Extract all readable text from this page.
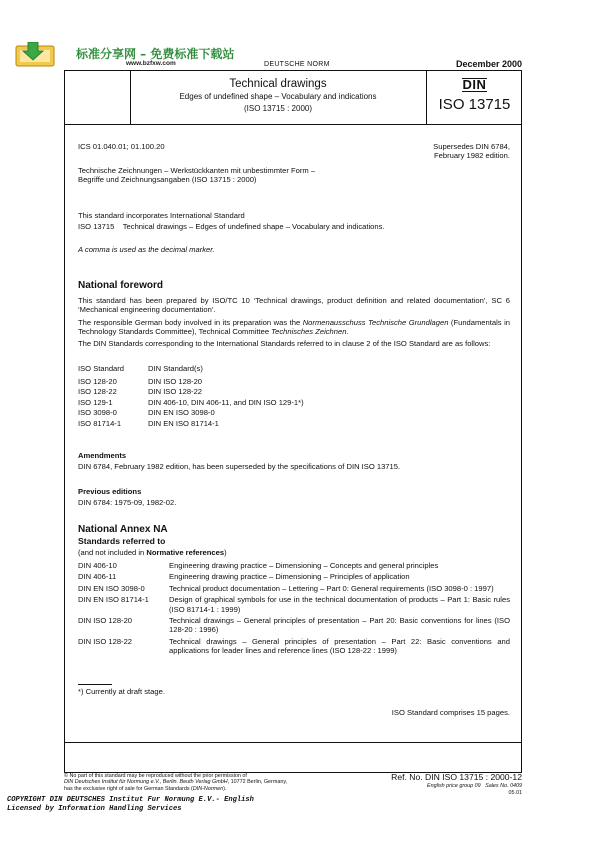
标准分享网 – 免费标准下载站
www.bzfxw.com	DEUTSCHE NORM	December 2000
Technical drawings
Edges of undefined shape – Vocabulary and indications
(ISO 13715 : 2000)
DIN
ISO 13715
ICS 01.040.01; 01.100.20	Supersedes DIN 6784,
February 1982 edition.
Technische Zeichnungen – Werkstückkanten mit unbestimmter Form –
Begriffe und Zeichnungsangaben (ISO 13715 : 2000)
This standard incorporates International Standard
ISO 13715 Technical drawings – Edges of undefined shape – Vocabulary and indications.
A comma is used as the decimal marker.
National foreword
This standard has been prepared by ISO/TC 10 ‘Technical drawings, product definition and related documentation’, SC 6 ‘Mechanical engineering documentation’.
The responsible German body involved in its preparation was the Normenausschuss Technische Grundlagen (Fundamentals in Technology Standards Committee), Technical Committee Technisches Zeichnen.
The DIN Standards corresponding to the International Standards referred to in clause 2 of the ISO Standard are as follows:
ISO Standard	DIN Standard(s)
ISO 128-20	DIN ISO 128-20
ISO 128-22	DIN ISO 128-22
ISO 129-1	DIN 406-10, DIN 406-11, and DIN ISO 129-1*)
ISO 3098-0	DIN EN ISO 3098-0
ISO 81714-1	DIN EN ISO 81714-1
Amendments
DIN 6784, February 1982 edition, has been superseded by the specifications of DIN ISO 13715.
Previous editions
DIN 6784: 1975-09, 1982-02.
National Annex NA
Standards referred to
(and not included in Normative references)
DIN 406-10	Engineering drawing practice – Dimensioning – Concepts and general principles
DIN 406-11	Engineering drawing practice – Dimensioning – Principles of application
DIN EN ISO 3098-0	Technical product documentation – Lettering – Part 0: General requirements (ISO 3098-0 : 1997)
DIN EN ISO 81714-1	Design of graphical symbols for use in the technical documentation of products – Part 1: Basic rules (ISO 81714-1 : 1999)
DIN ISO 128-20	Technical drawings – General principles of presentation – Part 20: Basic conventions for lines (ISO 128-20 : 1996)
DIN ISO 128-22	Technical drawings – General principles of presentation – Part 22: Basic conventions and applications for leader lines and reference lines (ISO 128-22 : 1999)
*) Currently at draft stage.
ISO Standard comprises 15 pages.
© No part of this standard may be reproduced without the prior permission of
DIN Deutsches Institut für Normung e.V., Berlin. Beuth Verlag GmbH, 10772 Berlin, Germany,
has the exclusive right of sale for German Standards (DIN-Normen).
Ref. No. DIN ISO 13715 : 2000-12
English price group 09 Sales No. 0409
05.01
COPYRIGHT DIN DEUTSCHES Institut Fur Normung E.V.- English
Licensed by Information Handling Services
